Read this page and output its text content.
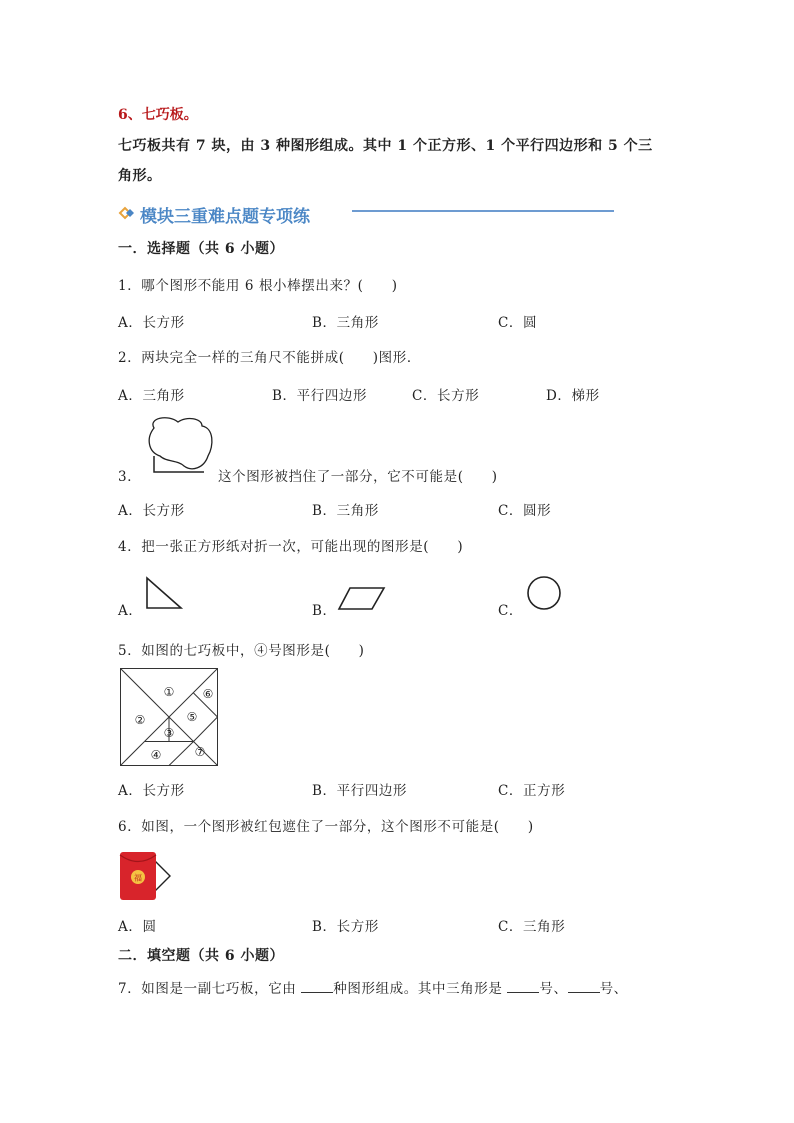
6、七巧板。
七巧板共有 7 块，由 3 种图形组成。其中 1 个正方形、1 个平行四边形和 5 个三
角形。
模块三重难点题专项练
一．选择题（共 6 小题）
1．哪个图形不能用 6 根小棒摆出来？(　　)
A．长方形	B．三角形	C．圆
2．两块完全一样的三角尺不能拼成(　　)图形．
A．三角形	B．平行四边形	C．长方形	D．梯形
3．	这个图形被挡住了一部分，它不可能是(　　)
A．长方形	B．三角形	C．圆形
4．把一张正方形纸对折一次，可能出现的图形是(　　)
A．	B．	C．
5．如图的七巧板中，④号图形是(　　)
①
②
③
④
⑤
⑥
⑦
A．长方形	B．平行四边形	C．正方形
6．如图，一个图形被红包遮住了一部分，这个图形不可能是(　　)
福
A．圆	B．长方形	C．三角形
二．填空题（共 6 小题）
7．如图是一副七巧板，它由 种图形组成。其中三角形是 号、 号、
